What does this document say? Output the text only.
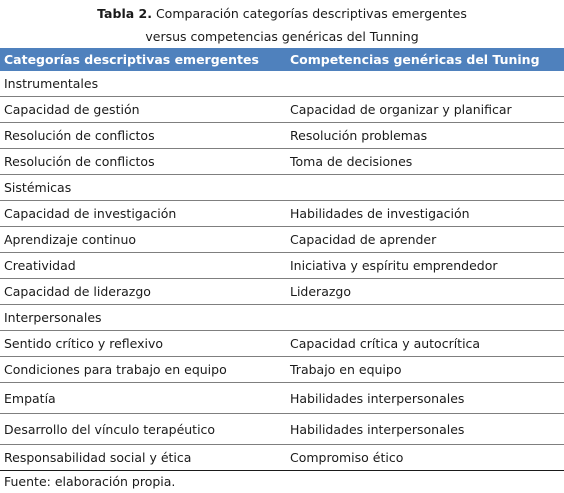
Tabla 2. Comparación categorías descriptivas emergentes
versus competencias genéricas del Tunning
Categorías descriptivas emergentes	Competencias genéricas del Tuning
Instrumentales	
Capacidad de gestión	Capacidad de organizar y planificar
Resolución de conflictos	Resolución problemas
Resolución de conflictos	Toma de decisiones
Sistémicas	
Capacidad de investigación	Habilidades de investigación
Aprendizaje continuo	Capacidad de aprender
Creatividad	Iniciativa y espíritu emprendedor
Capacidad de liderazgo	Liderazgo
Interpersonales	
Sentido crítico y reflexivo	Capacidad crítica y autocrítica
Condiciones para trabajo en equipo	Trabajo en equipo
Empatía	Habilidades interpersonales
Desarrollo del vínculo terapéutico	Habilidades interpersonales
Responsabilidad social y ética	Compromiso ético
Fuente: elaboración propia.
